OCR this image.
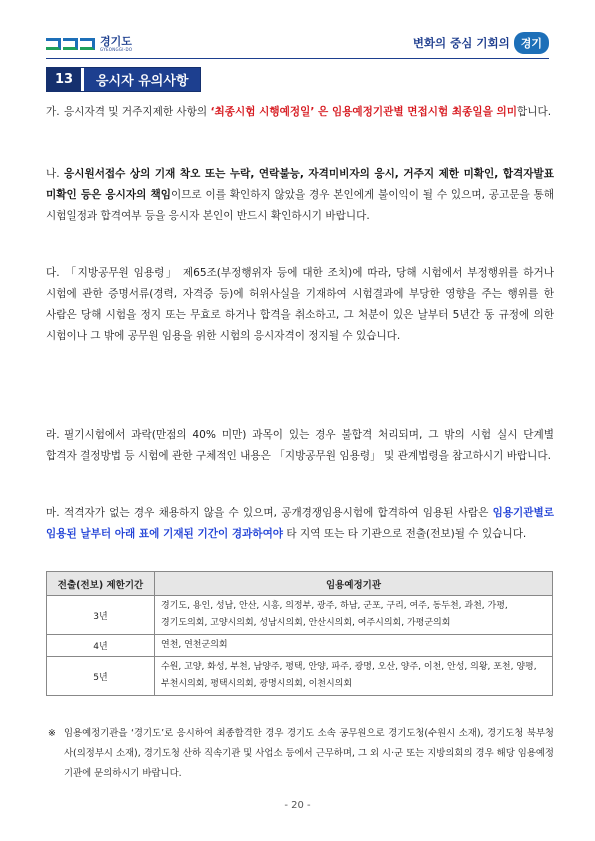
경기도
GYEONGGI-DO	변화의 중심 기회의	경기
13	응시자 유의사항
가. 응시자격 및 거주지제한 사항의 ‘최종시험 시행예정일’ 은 임용예정기관별 면접시험 최종일을 의미합니다.
나. 응시원서접수 상의 기재 착오 또는 누락, 연락불능, 자격미비자의 응시, 거주지 제한 미확인, 합격자발표 미확인 등은 응시자의 책임이므로 이를 확인하지 않았을 경우 본인에게 불이익이 될 수 있으며, 공고문을 통해 시험일정과 합격여부 등을 응시자 본인이 반드시 확인하시기 바랍니다.
다. 「지방공무원 임용령」 제65조(부정행위자 등에 대한 조치)에 따라, 당해 시험에서 부정행위를 하거나 시험에 관한 증명서류(경력, 자격증 등)에 허위사실을 기재하여 시험결과에 부당한 영향을 주는 행위를 한 사람은 당해 시험을 정지 또는 무효로 하거나 합격을 취소하고, 그 처분이 있은 날부터 5년간 동 규정에 의한 시험이나 그 밖에 공무원 임용을 위한 시험의 응시자격이 정지될 수 있습니다.
라. 필기시험에서 과락(만점의 40% 미만) 과목이 있는 경우 불합격 처리되며, 그 밖의 시험 실시 단계별 합격자 결정방법 등 시험에 관한 구체적인 내용은 「지방공무원 임용령」 및 관계법령을 참고하시기 바랍니다.
마. 적격자가 없는 경우 채용하지 않을 수 있으며, 공개경쟁임용시험에 합격하여 임용된 사람은 임용기관별로 임용된 날부터 아래 표에 기재된 기간이 경과하여야 타 지역 또는 타 기관으로 전출(전보)될 수 있습니다.
전출(전보) 제한기간	임용예정기관
3년	경기도, 용인, 성남, 안산, 시흥, 의정부, 광주, 하남, 군포, 구리, 여주, 동두천, 과천, 가평, 경기도의회, 고양시의회, 성남시의회, 안산시의회, 여주시의회, 가평군의회
4년	연천, 연천군의회
5년	수원, 고양, 화성, 부천, 남양주, 평택, 안양, 파주, 광명, 오산, 양주, 이천, 안성, 의왕, 포천, 양평, 부천시의회, 평택시의회, 광명시의회, 이천시의회
※ 임용예정기관을 ‘경기도’로 응시하여 최종합격한 경우 경기도 소속 공무원으로 경기도청(수원시 소재), 경기도청 북부청사(의정부시 소재), 경기도청 산하 직속기관 및 사업소 등에서 근무하며, 그 외 시·군 또는 지방의회의 경우 해당 임용예정기관에 문의하시기 바랍니다.
- 20 -
